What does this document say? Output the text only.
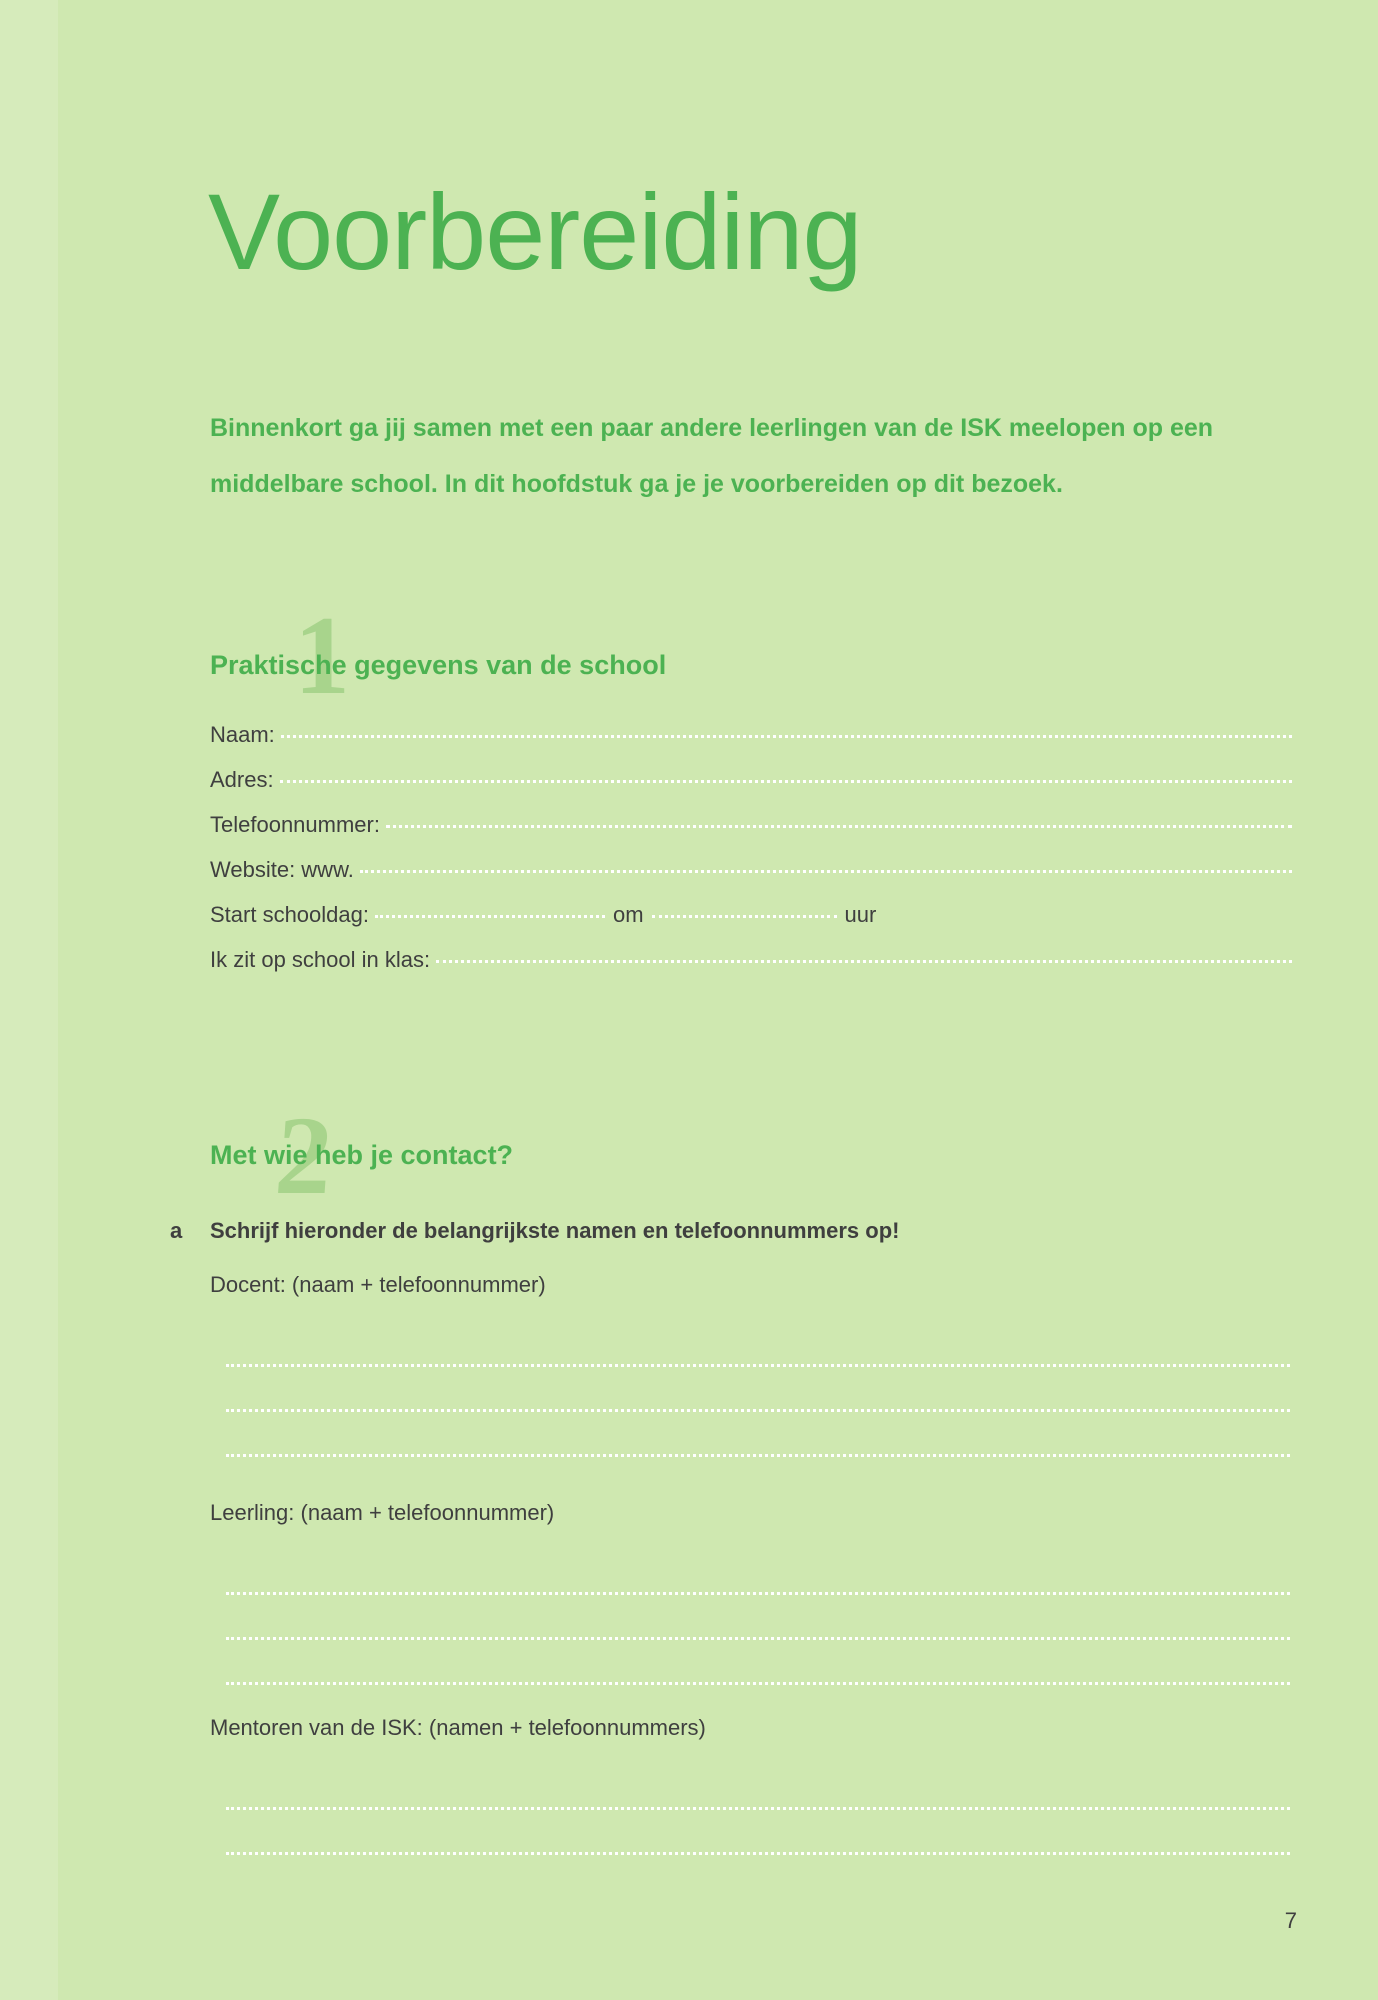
Voorbereiding
Binnenkort ga jij samen met een paar andere leerlingen van de ISK meelopen op een middelbare school. In dit hoofdstuk ga je je voorbereiden op dit bezoek.
1
Praktische gegevens van de school
Naam:
Adres:
Telefoonnummer:
Website: www.
Start schooldag:	om	uur
Ik zit op school in klas:
2
Met wie heb je contact?
a Schrijf hieronder de belangrijkste namen en telefoonnummers op!
Docent: (naam + telefoonnummer)
Leerling: (naam + telefoonnummer)
Mentoren van de ISK: (namen + telefoonnummers)
7
